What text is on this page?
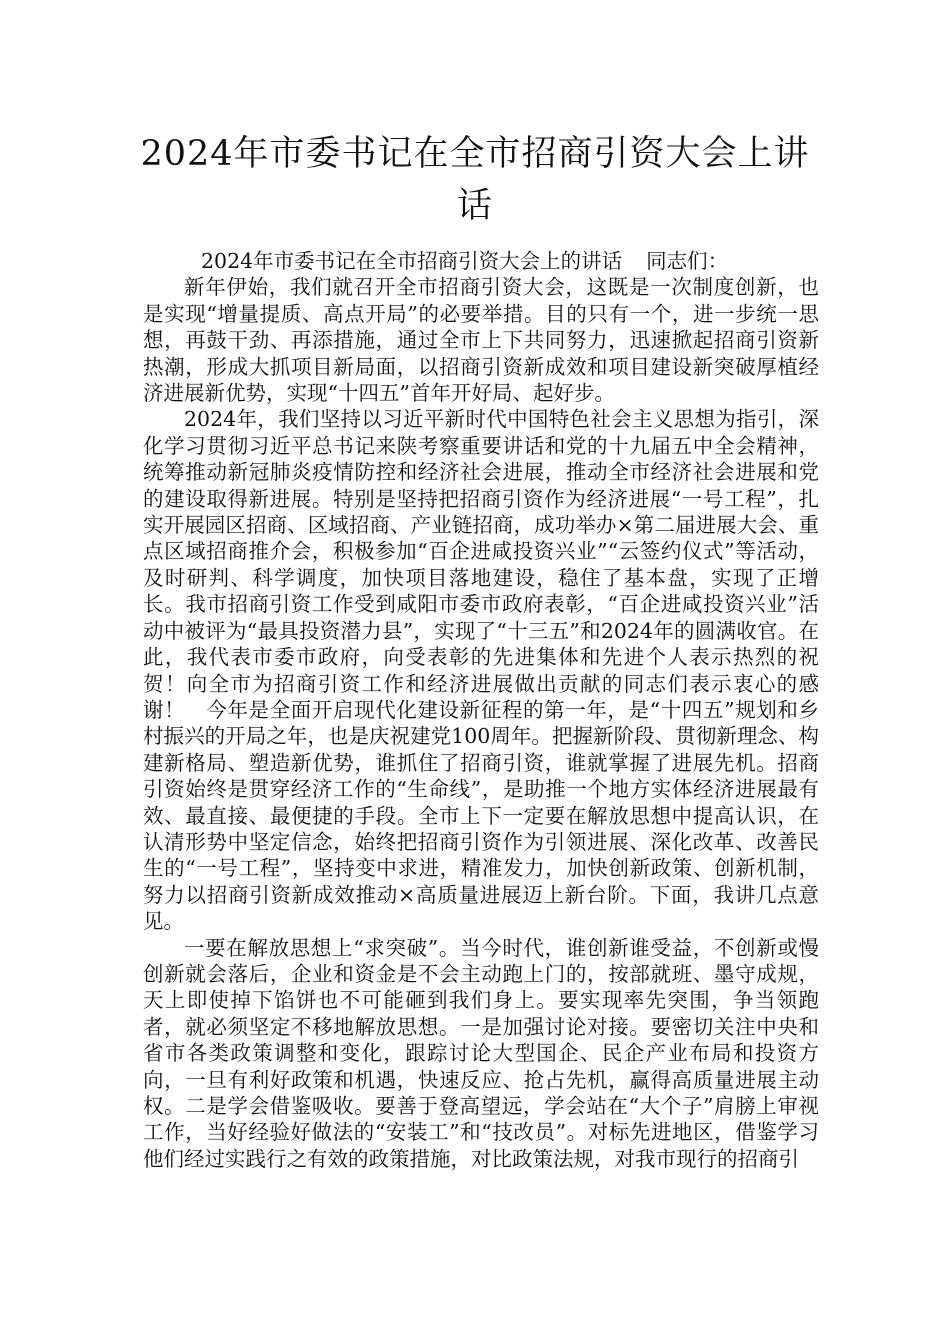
2024年市委书记在全市招商引资大会上讲话

2024年市委书记在全市招商引资大会上的讲话 同志们：

新年伊始，我们就召开全市招商引资大会，这既是一次制度创新，也是实现“增量提质、高点开局”的必要举措。目的只有一个，进一步统一思想，再鼓干劲、再添措施，通过全市上下共同努力，迅速掀起招商引资新热潮，形成大抓项目新局面，以招商引资新成效和项目建设新突破厚植经济进展新优势，实现“十四五”首年开好局、起好步。

2024年，我们坚持以习近平新时代中国特色社会主义思想为指引，深化学习贯彻习近平总书记来陕考察重要讲话和党的十九届五中全会精神，统筹推动新冠肺炎疫情防控和经济社会进展，推动全市经济社会进展和党的建设取得新进展。特别是坚持把招商引资作为经济进展“一号工程”，扎实开展园区招商、区域招商、产业链招商，成功举办×第二届进展大会、重点区域招商推介会，积极参加“百企进咸投资兴业”“云签约仪式”等活动，及时研判、科学调度，加快项目落地建设，稳住了基本盘，实现了正增长。我市招商引资工作受到咸阳市委市政府表彰，“百企进咸投资兴业”活动中被评为“最具投资潜力县”，实现了“十三五”和2024年的圆满收官。在此，我代表市委市政府，向受表彰的先进集体和先进个人表示热烈的祝贺！向全市为招商引资工作和经济进展做出贡献的同志们表示衷心的感谢！　今年是全面开启现代化建设新征程的第一年，是“十四五”规划和乡村振兴的开局之年，也是庆祝建党100周年。把握新阶段、贯彻新理念、构建新格局、塑造新优势，谁抓住了招商引资，谁就掌握了进展先机。招商引资始终是贯穿经济工作的“生命线”，是助推一个地方实体经济进展最有效、最直接、最便捷的手段。全市上下一定要在解放思想中提高认识，在认清形势中坚定信念，始终把招商引资作为引领进展、深化改革、改善民生的“一号工程”，坚持变中求进，精准发力，加快创新政策、创新机制，努力以招商引资新成效推动×高质量进展迈上新台阶。下面，我讲几点意见。

一要在解放思想上“求突破”。当今时代，谁创新谁受益，不创新或慢创新就会落后，企业和资金是不会主动跑上门的，按部就班、墨守成规，天上即使掉下馅饼也不可能砸到我们身上。要实现率先突围，争当领跑者，就必须坚定不移地解放思想。一是加强讨论对接。要密切关注中央和省市各类政策调整和变化，跟踪讨论大型国企、民企产业布局和投资方向，一旦有利好政策和机遇，快速反应、抢占先机，赢得高质量进展主动权。二是学会借鉴吸收。要善于登高望远，学会站在“大个子”肩膀上审视工作，当好经验好做法的“安装工”和“技改员”。对标先进地区，借鉴学习他们经过实践行之有效的政策措施，对比政策法规，对我市现行的招商引
